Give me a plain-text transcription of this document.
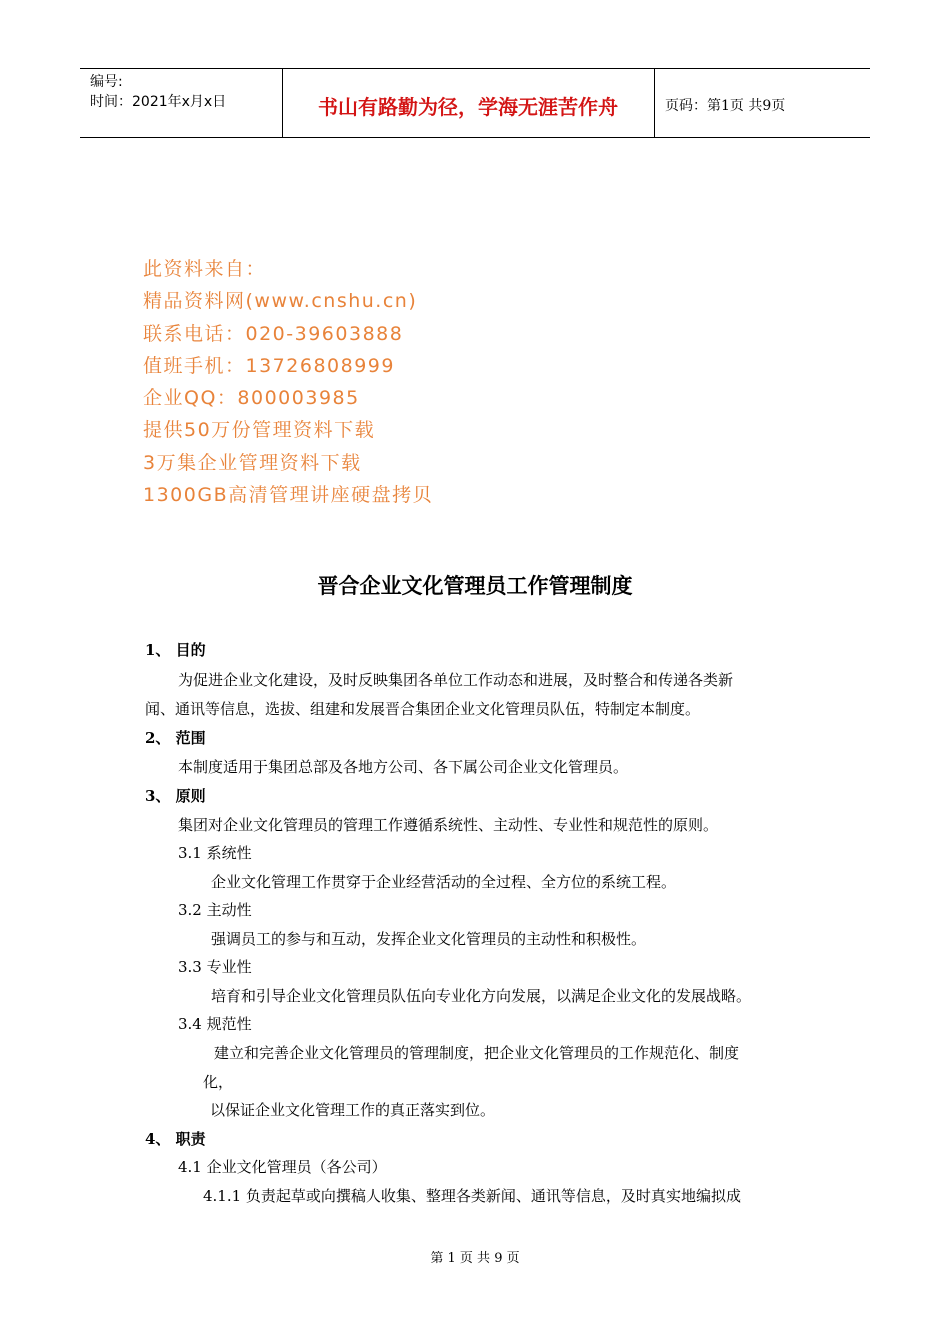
编号:
时间：2021年x月x日	书山有路勤为径，学海无涯苦作舟	页码：第1页 共9页
此资料来自：
精品资料网(www.cnshu.cn)
联系电话：020-39603888
值班手机：13726808999
企业QQ：800003985
提供50万份管理资料下载
3万集企业管理资料下载
1300GB高清管理讲座硬盘拷贝
晋合企业文化管理员工作管理制度
1、 目的
为促进企业文化建设，及时反映集团各单位工作动态和进展，及时整合和传递各类新
闻、通讯等信息，选拔、组建和发展晋合集团企业文化管理员队伍，特制定本制度。
2、 范围
本制度适用于集团总部及各地方公司、各下属公司企业文化管理员。
3、 原则
集团对企业文化管理员的管理工作遵循系统性、主动性、专业性和规范性的原则。
3.1 系统性
企业文化管理工作贯穿于企业经营活动的全过程、全方位的系统工程。
3.2 主动性
强调员工的参与和互动，发挥企业文化管理员的主动性和积极性。
3.3 专业性
培育和引导企业文化管理员队伍向专业化方向发展，以满足企业文化的发展战略。
3.4 规范性
建立和完善企业文化管理员的管理制度，把企业文化管理员的工作规范化、制度
化，
以保证企业文化管理工作的真正落实到位。
4、 职责
4.1 企业文化管理员（各公司）
4.1.1 负责起草或向撰稿人收集、整理各类新闻、通讯等信息，及时真实地编拟成
第 1 页 共 9 页
